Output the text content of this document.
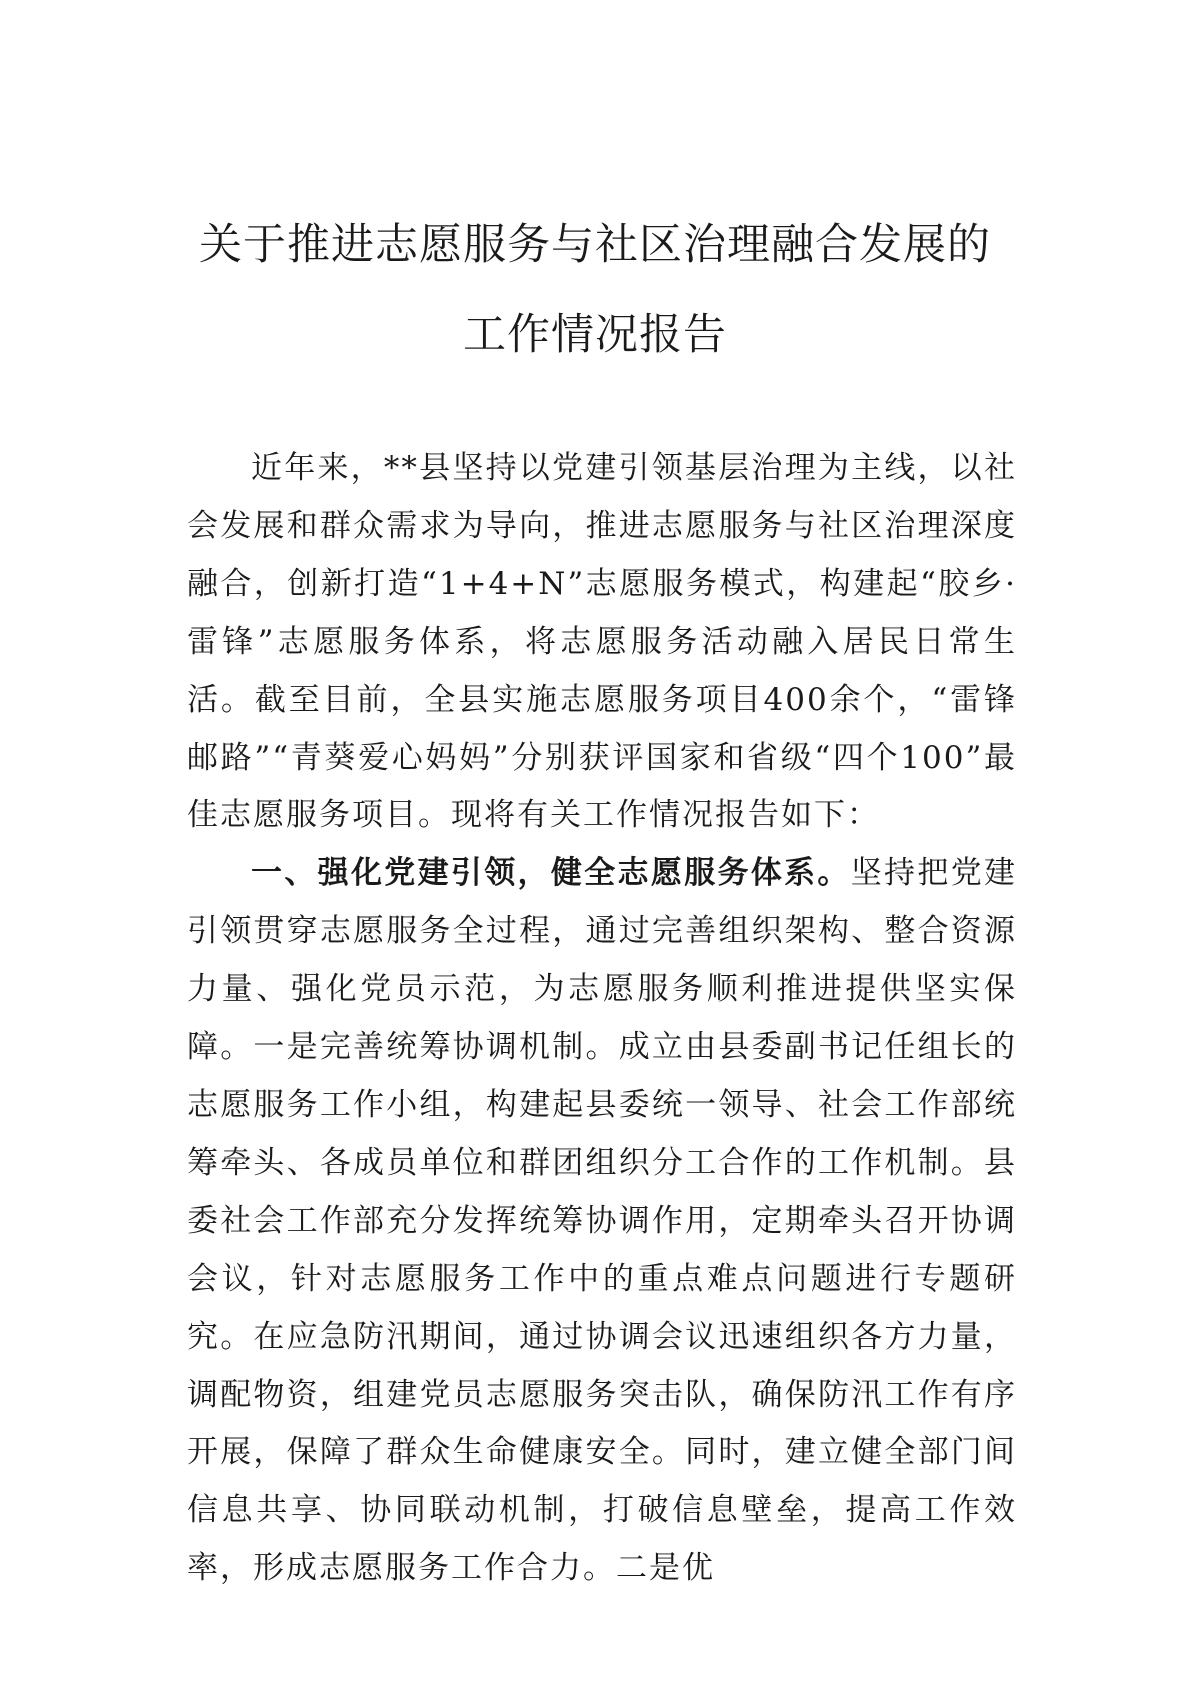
关于推进志愿服务与社区治理融合发展的
工作情况报告

近年来，**县坚持以党建引领基层治理为主线，以社会发展和群众需求为导向，推进志愿服务与社区治理深度融合，创新打造“1+4+N”志愿服务模式，构建起“胶乡·雷锋”志愿服务体系，将志愿服务活动融入居民日常生活。截至目前，全县实施志愿服务项目400余个，“雷锋邮路”“青葵爱心妈妈”分别获评国家和省级“四个100”最佳志愿服务项目。现将有关工作情况报告如下：

一、强化党建引领，健全志愿服务体系。坚持把党建引领贯穿志愿服务全过程，通过完善组织架构、整合资源力量、强化党员示范，为志愿服务顺利推进提供坚实保障。一是完善统筹协调机制。成立由县委副书记任组长的志愿服务工作小组，构建起县委统一领导、社会工作部统筹牵头、各成员单位和群团组织分工合作的工作机制。县委社会工作部充分发挥统筹协调作用，定期牵头召开协调会议，针对志愿服务工作中的重点难点问题进行专题研究。在应急防汛期间，通过协调会议迅速组织各方力量，调配物资，组建党员志愿服务突击队，确保防汛工作有序开展，保障了群众生命健康安全。同时，建立健全部门间信息共享、协同联动机制，打破信息壁垒，提高工作效率，形成志愿服务工作合力。二是优
